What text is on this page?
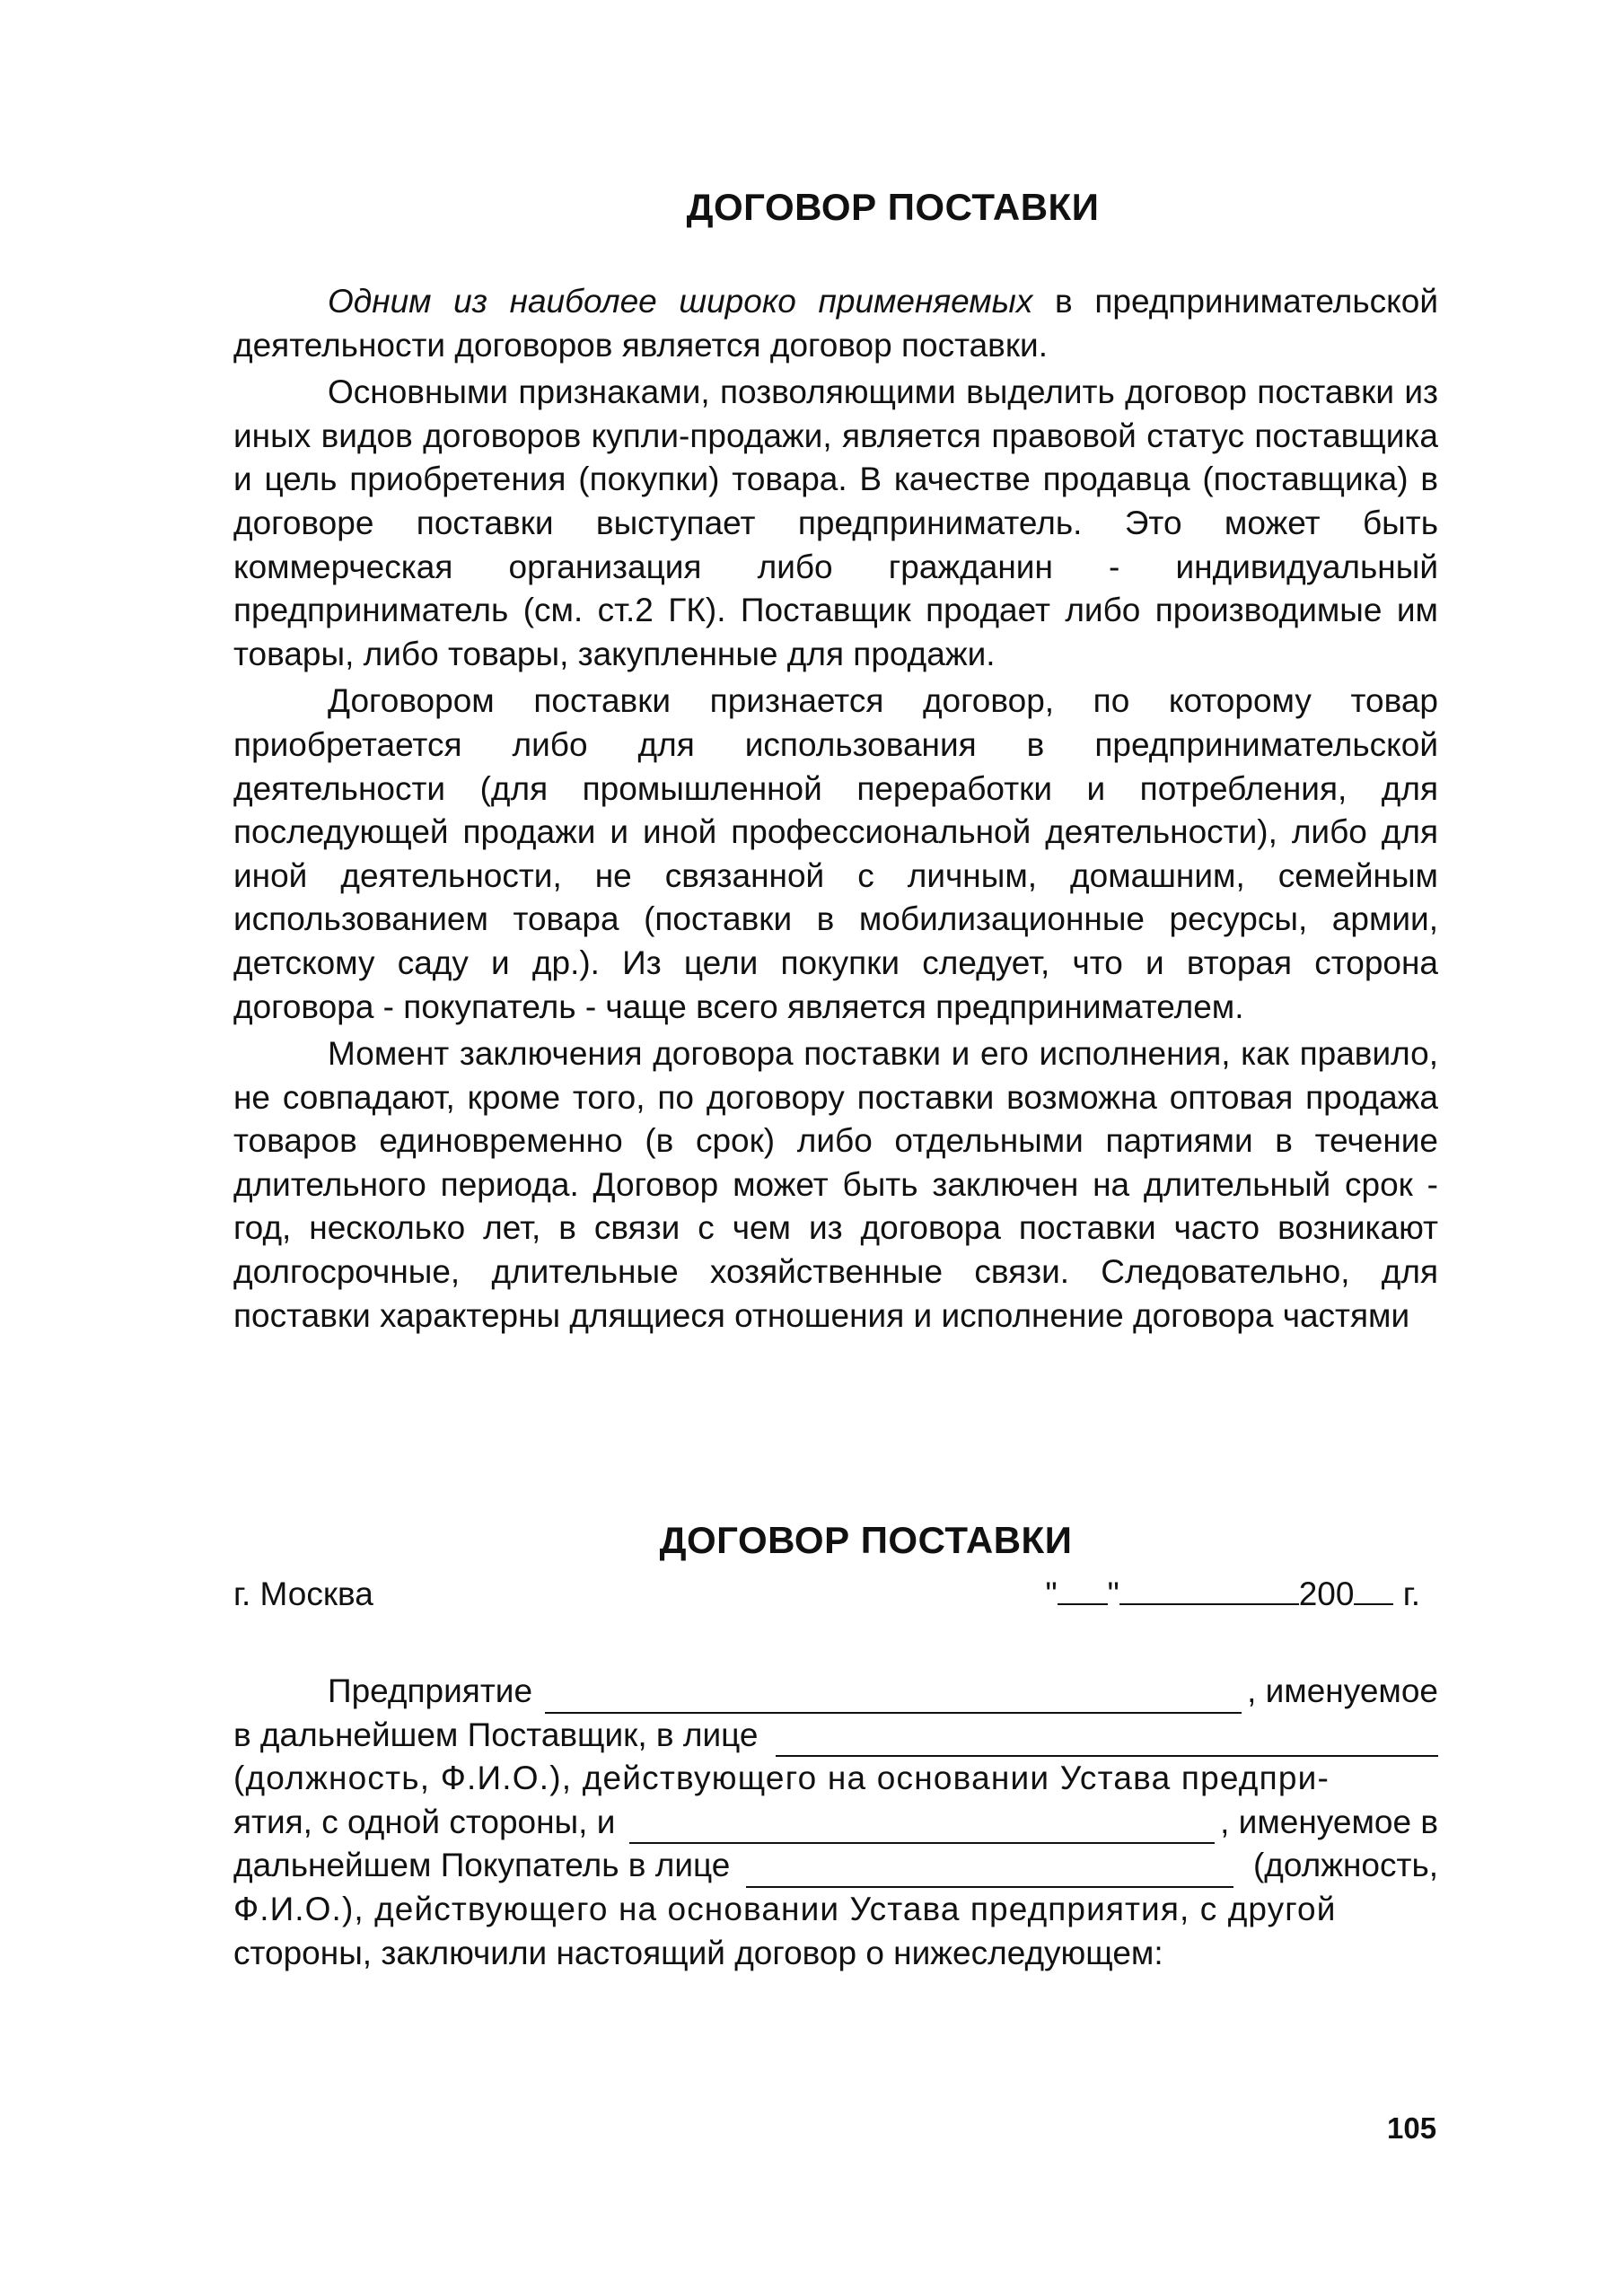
ДОГОВОР ПОСТАВКИ

Одним из наиболее широко применяемых в предпринимательской деятельности договоров является договор поставки.

Основными признаками, позволяющими выделить договор поставки из иных видов договоров купли-продажи, является правовой статус поставщика и цель приобретения (покупки) товара. В качестве продавца (поставщика) в договоре поставки выступает предприниматель. Это может быть коммерческая организация либо гражданин - индивидуальный предприниматель (см. ст.2 ГК). Поставщик продает либо производимые им товары, либо товары, закупленные для продажи.

Договором поставки признается договор, по которому товар приобретается либо для использования в предпринимательской деятельности (для промышленной переработки и потребления, для последующей продажи и иной профессиональной деятельности), либо для иной деятельности, не связанной с личным, домашним, семейным использованием товара (поставки в мобилизационные ресурсы, армии, детскому саду и др.). Из цели покупки следует, что и вторая сторона договора - покупатель - чаще всего является предпринимателем.

Момент заключения договора поставки и его исполнения, как правило, не совпадают, кроме того, по договору поставки возможна оптовая продажа товаров единовременно (в срок) либо отдельными партиями в течение длительного периода. Договор может быть заключен на длительный срок - год, несколько лет, в связи с чем из договора поставки часто возникают долгосрочные, длительные хозяйственные связи. Следовательно, для поставки характерны длящиеся отношения и исполнение договора частями

ДОГОВОР ПОСТАВКИ
г. Москва	" "	200 г.
Предприятие	, именуемое
в дальнейшем Поставщик, в лице
(должность, Ф.И.О.), действующего на основании Устава предпри-
ятия, с одной стороны, и	, именуемое в
дальнейшем Покупатель в лице	(должность,
Ф.И.О.), действующего на основании Устава предприятия, с другой
стороны, заключили настоящий договор о нижеследующем:
105
